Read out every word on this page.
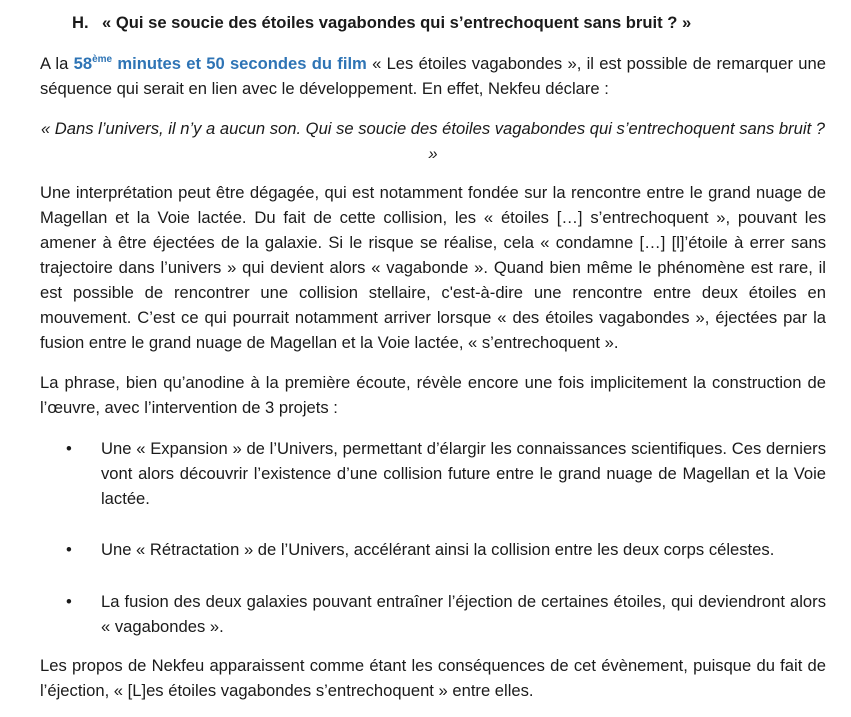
H. « Qui se soucie des étoiles vagabondes qui s’entrechoquent sans bruit ? »
A la 58ème minutes et 50 secondes du film « Les étoiles vagabondes », il est possible de remarquer une séquence qui serait en lien avec le développement. En effet, Nekfeu déclare :
« Dans l’univers, il n’y a aucun son. Qui se soucie des étoiles vagabondes qui s’entrechoquent sans bruit ? »
Une interprétation peut être dégagée, qui est notamment fondée sur la rencontre entre le grand nuage de Magellan et la Voie lactée. Du fait de cette collision, les « étoiles […] s’entrechoquent », pouvant les amener à être éjectées de la galaxie. Si le risque se réalise, cela « condamne […] [l]’étoile à errer sans trajectoire dans l’univers » qui devient alors « vagabonde ». Quand bien même le phénomène est rare, il est possible de rencontrer une collision stellaire, c'est-à-dire une rencontre entre deux étoiles en mouvement. C’est ce qui pourrait notamment arriver lorsque « des étoiles vagabondes », éjectées par la fusion entre le grand nuage de Magellan et la Voie lactée, « s’entrechoquent ».
La phrase, bien qu’anodine à la première écoute, révèle encore une fois implicitement la construction de l’œuvre, avec l’intervention de 3 projets :
•	Une « Expansion » de l’Univers, permettant d’élargir les connaissances scientifiques. Ces derniers vont alors découvrir l’existence d’une collision future entre le grand nuage de Magellan et la Voie lactée.
•	Une « Rétractation » de l’Univers, accélérant ainsi la collision entre les deux corps célestes.
•	La fusion des deux galaxies pouvant entraîner l’éjection de certaines étoiles, qui deviendront alors « vagabondes ».
Les propos de Nekfeu apparaissent comme étant les conséquences de cet évènement, puisque du fait de l’éjection, « [L]es étoiles vagabondes s’entrechoquent » entre elles.
